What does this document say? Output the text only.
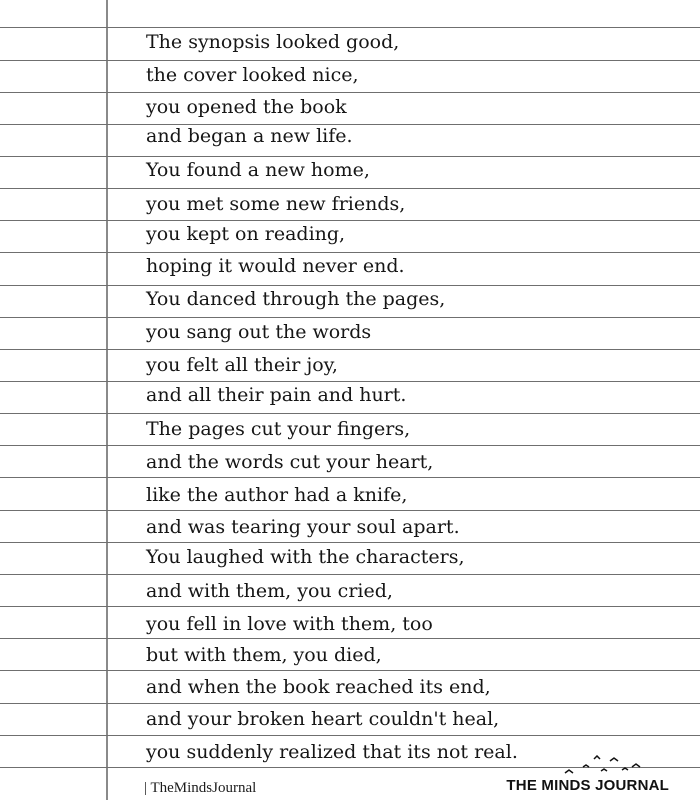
The synopsis looked good,
the cover looked nice,
you opened the book
and began a new life.
You found a new home,
you met some new friends,
you kept on reading,
hoping it would never end.
You danced through the pages,
you sang out the words
you felt all their joy,
and all their pain and hurt.
The pages cut your fingers,
and the words cut your heart,
like the author had a knife,
and was tearing your soul apart.
You laughed with the characters,
and with them, you cried,
you fell in love with them, too
but with them, you died,
and when the book reached its end,
and your broken heart couldn't heal,
you suddenly realized that its not real.
| TheMindsJournal	THE MINDS JOURNAL
